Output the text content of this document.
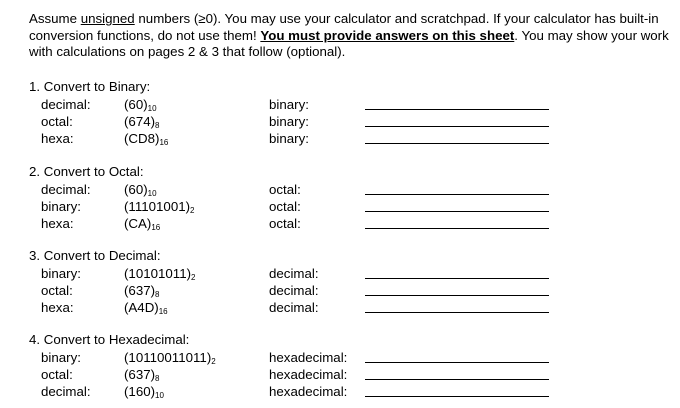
Assume unsigned numbers (≥0). You may use your calculator and scratchpad. If your calculator has built-in conversion functions, do not use them! You must provide answers on this sheet. You may show your work with calculations on pages 2 & 3 that follow (optional).
1. Convert to Binary:
decimal:	$(60)_{10}$	binary:
octal:	$(674)_8$	binary:
hexa:	$(CD8)_{16}$	binary:
2. Convert to Octal:
decimal:	$(60)_{10}$	octal:
binary:	$(11101001)_2$	octal:
hexa:	$(CA)_{16}$	octal:
3. Convert to Decimal:
binary:	$(10101011)_2$	decimal:
octal:	$(637)_8$	decimal:
hexa:	$(A4D)_{16}$	decimal:
4. Convert to Hexadecimal:
binary:	$(10110011011)_2$	hexadecimal:
octal:	$(637)_8$	hexadecimal:
decimal:	$(160)_{10}$	hexadecimal:
